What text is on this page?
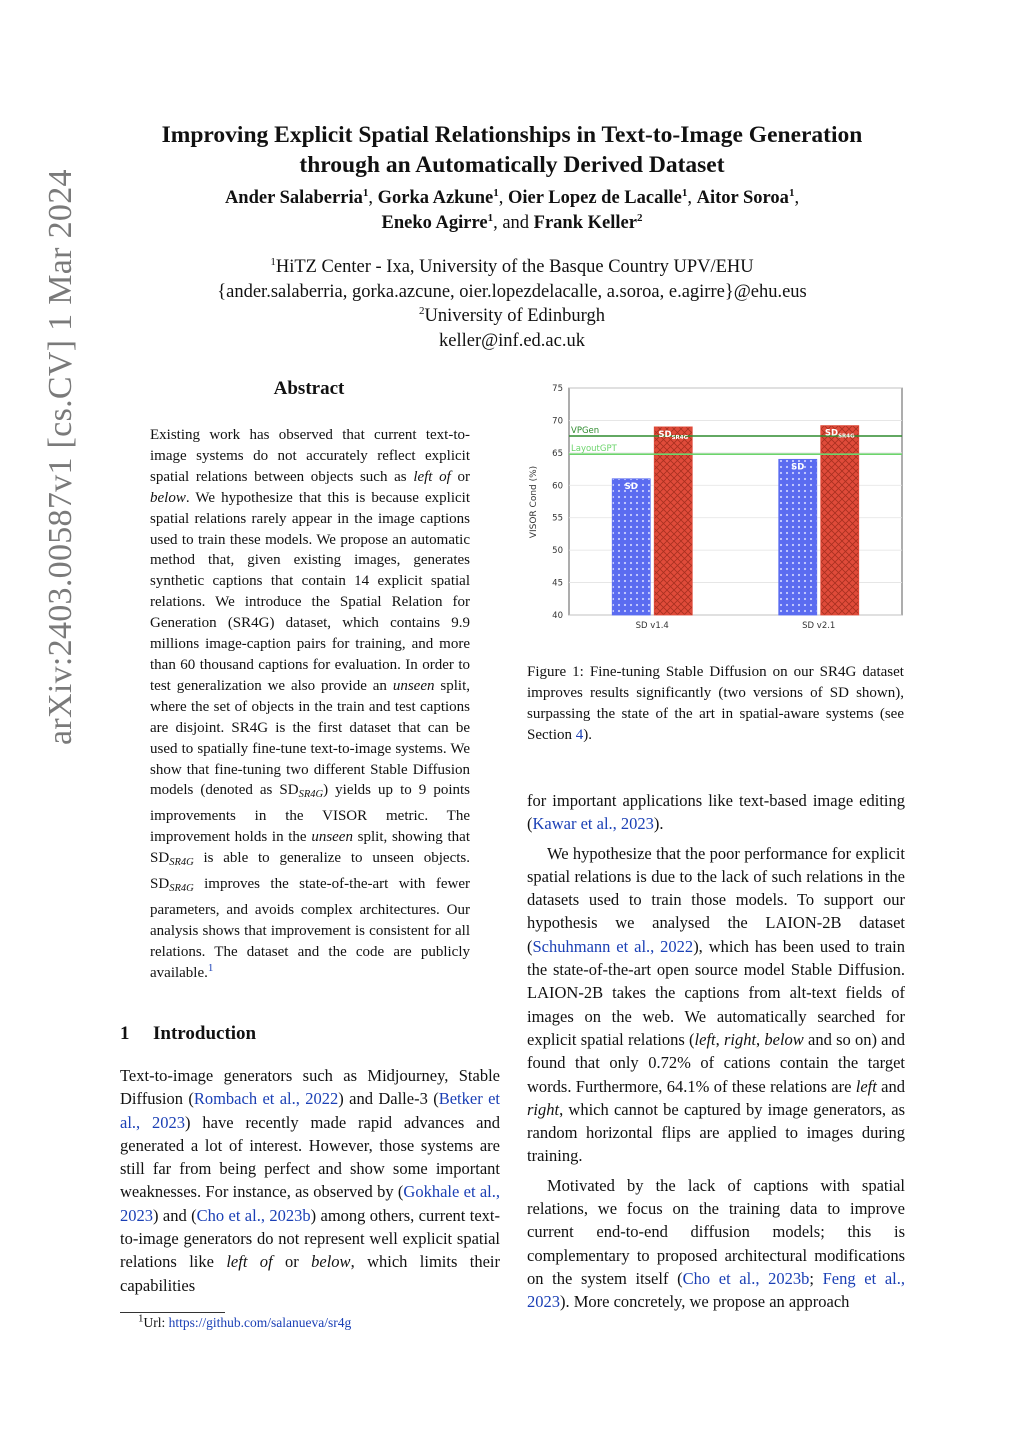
arXiv:2403.00587v1 [cs.CV] 1 Mar 2024
Improving Explicit Spatial Relationships in Text-to-Image Generation
through an Automatically Derived Dataset
Ander Salaberria$^1$, Gorka Azkune$^1$, Oier Lopez de Lacalle$^1$, Aitor Soroa$^1$,
Eneko Agirre$^1$, and Frank Keller$^2$
$^1$HiTZ Center - Ixa, University of the Basque Country UPV/EHU
{ander.salaberria, gorka.azcune, oier.lopezdelacalle, a.soroa, e.agirre}@ehu.eus
$^2$University of Edinburgh
keller@inf.ed.ac.uk
Abstract
Existing work has observed that current text-to-image systems do not accurately reflect explicit spatial relations between objects such as left of or below. We hypothesize that this is because explicit spatial relations rarely appear in the image captions used to train these models. We propose an automatic method that, given existing images, generates synthetic captions that contain 14 explicit spatial relations. We introduce the Spatial Relation for Generation (SR4G) dataset, which contains 9.9 millions image-caption pairs for training, and more than 60 thousand captions for evaluation. In order to test generalization we also provide an unseen split, where the set of objects in the train and test captions are disjoint. SR4G is the first dataset that can be used to spatially fine-tune text-to-image systems. We show that fine-tuning two different Stable Diffusion models (denoted as $SD_{SR4G}$) yields up to 9 points improvements in the VISOR metric. The improvement holds in the unseen split, showing that $SD_{SR4G}$ is able to generalize to unseen objects. $SD_{SR4G}$ improves the state-of-the-art with fewer parameters, and avoids complex architectures. Our analysis shows that improvement is consistent for all relations. The dataset and the code are publicly available.$^1$
1 Introduction
Text-to-image generators such as Midjourney, Stable Diffusion (Rombach et al., 2022) and Dalle-3 (Betker et al., 2023) have recently made rapid advances and generated a lot of interest. However, those systems are still far from being perfect and show some important weaknesses. For instance, as observed by (Gokhale et al., 2023) and (Cho et al., 2023b) among others, current text-to-image generators do not represent well explicit spatial relations like left of or below, which limits their capabilities
$^1$Url: https://github.com/salanueva/sr4g
40
45
50
55
60
65
70
75
SD v1.4
SD
$SD_{SR4G}$
SD v2.1
SD
$SD_{SR4G}$
VPGen
LayoutGPT
VISOR Cond (%)
Figure 1: Fine-tuning Stable Diffusion on our SR4G dataset improves results significantly (two versions of SD shown), surpassing the state of the art in spatial-aware systems (see Section 4).

for important applications like text-based image editing (Kawar et al., 2023).

We hypothesize that the poor performance for explicit spatial relations is due to the lack of such relations in the datasets used to train those models. To support our hypothesis we analysed the LAION-2B dataset (Schuhmann et al., 2022), which has been used to train the state-of-the-art open source model Stable Diffusion. LAION-2B takes the captions from alt-text fields of images on the web. We automatically searched for explicit spatial relations (left, right, below and so on) and found that only 0.72% of cations contain the target words. Furthermore, 64.1% of these relations are left and right, which cannot be captured by image generators, as random horizontal flips are applied to images during training.

Motivated by the lack of captions with spatial relations, we focus on the training data to improve current end-to-end diffusion models; this is complementary to proposed architectural modifications on the system itself (Cho et al., 2023b; Feng et al., 2023). More concretely, we propose an approach
